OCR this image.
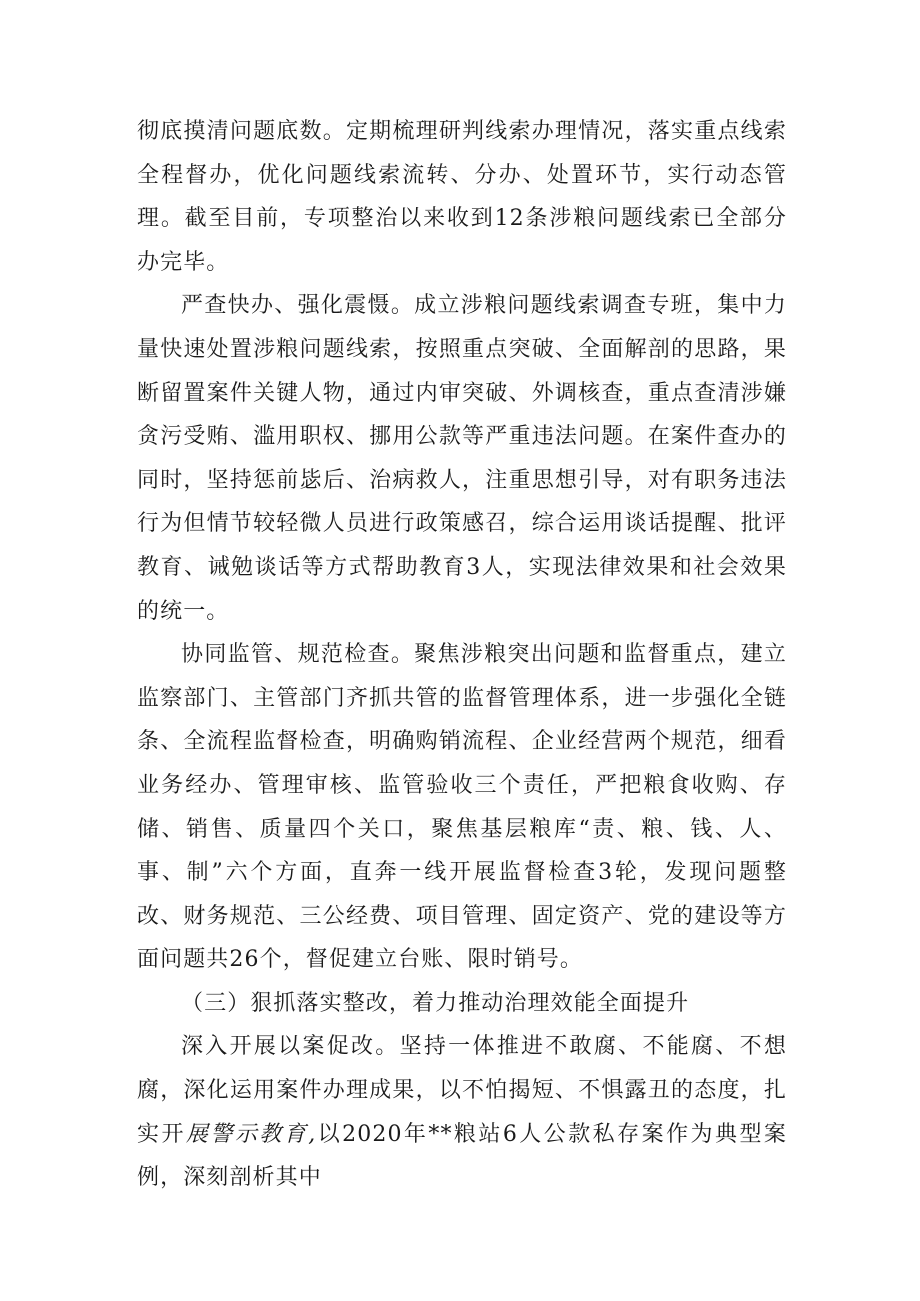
彻底摸清问题底数。定期梳理研判线索办理情况，落实重点线索全程督办，优化问题线索流转、分办、处置环节，实行动态管理。截至目前，专项整治以来收到12条涉粮问题线索已全部分办完毕。

严查快办、强化震慑。成立涉粮问题线索调查专班，集中力量快速处置涉粮问题线索，按照重点突破、全面解剖的思路，果断留置案件关键人物，通过内审突破、外调核查，重点查清涉嫌贪污受贿、滥用职权、挪用公款等严重违法问题。在案件查办的同时，坚持惩前毖后、治病救人，注重思想引导，对有职务违法行为但情节较轻微人员进行政策感召，综合运用谈话提醒、批评教育、诫勉谈话等方式帮助教育3人，实现法律效果和社会效果的统一。

协同监管、规范检查。聚焦涉粮突出问题和监督重点，建立监察部门、主管部门齐抓共管的监督管理体系，进一步强化全链条、全流程监督检查，明确购销流程、企业经营两个规范，细看业务经办、管理审核、监管验收三个责任，严把粮食收购、存储、销售、质量四个关口，聚焦基层粮库“责、粮、钱、人、事、制”六个方面，直奔一线开展监督检查3轮，发现问题整改、财务规范、三公经费、项目管理、固定资产、党的建设等方面问题共26个，督促建立台账、限时销号。

（三）狠抓落实整改，着力推动治理效能全面提升

深入开展以案促改。坚持一体推进不敢腐、不能腐、不想腐，深化运用案件办理成果，以不怕揭短、不惧露丑的态度，扎实开展警示教育,以2020年**粮站6人公款私存案作为典型案例，深刻剖析其中
